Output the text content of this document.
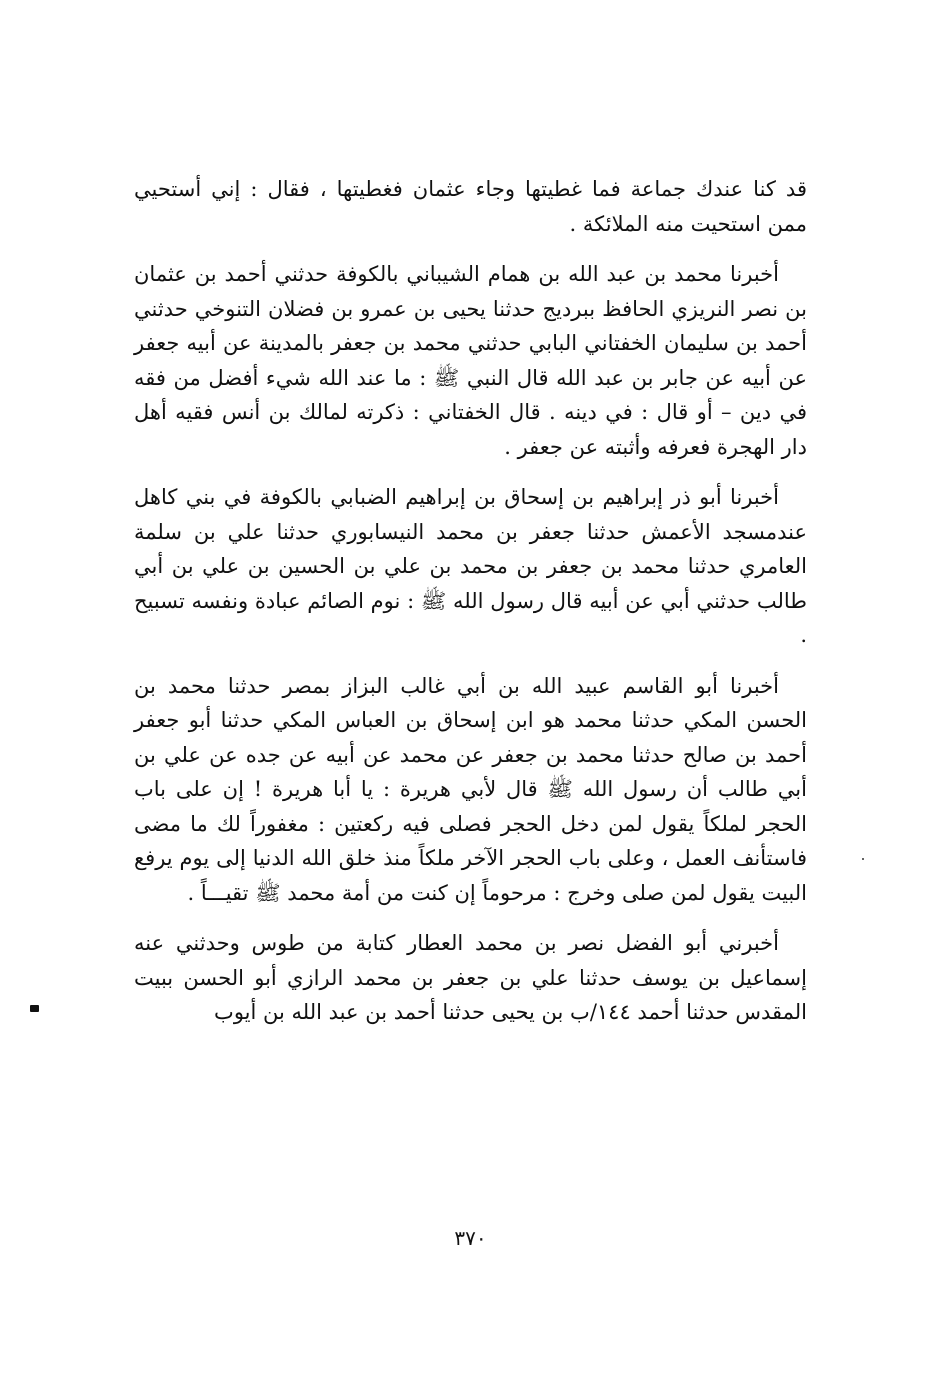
قد كنا عندك جماعة فما غطيتها وجاء عثمان فغطيتها ، فقال : إني أستحيي ممن استحيت منه الملائكة .

أخبرنا محمد بن عبد الله بن همام الشيباني بالكوفة حدثني أحمد بن عثمان بن نصر النريزي الحافظ ببرديج حدثنا يحيى بن عمرو بن فضلان التنوخي حدثني أحمد بن سليمان الخفتاني البابي حدثني محمد بن جعفر بالمدينة عن أبيه جعفر عن أبيه عن جابر بن عبد الله قال النبي ﷺ : ما عند الله شيء أفضل من فقه في دين – أو قال : في دينه . قال الخفتاني : ذكرته لمالك بن أنس فقيه أهل دار الهجرة فعرفه وأثبته عن جعفر .

أخبرنا أبو ذر إبراهيم بن إسحاق بن إبراهيم الضبابي بالكوفة في بني كاهل عندمسجد الأعمش حدثنا جعفر بن محمد النيسابوري حدثنا علي بن سلمة العامري حدثنا محمد بن جعفر بن محمد بن علي بن الحسين بن علي بن أبي طالب حدثني أبي عن أبيه قال رسول الله ﷺ : نوم الصائم عبادة ونفسه تسبيح .

أخبرنا أبو القاسم عبيد الله بن أبي غالب البزاز بمصر حدثنا محمد بن الحسن المكي حدثنا محمد هو ابن إسحاق بن العباس المكي حدثنا أبو جعفر أحمد بن صالح حدثنا محمد بن جعفر عن محمد عن أبيه عن جده عن علي بن أبي طالب أن رسول الله ﷺ قال لأبي هريرة : يا أبا هريرة ! إن على باب الحجر لملكاً يقول لمن دخل الحجر فصلى فيه ركعتين : مغفوراً لك ما مضى فاستأنف العمل ، وعلى باب الحجر الآخر ملكاً منذ خلق الله الدنيا إلى يوم يرفع البيت يقول لمن صلى وخرج : مرحوماً إن كنت من أمة محمد ﷺ تقيـــاً .

أخبرني أبو الفضل نصر بن محمد العطار كتابة من طوس وحدثني عنه إسماعيل بن يوسف حدثنا علي بن جعفر بن محمد الرازي أبو الحسن ببيت المقدس حدثنا أحمد ١٤٤/ب بن يحيى حدثنا أحمد بن عبد الله بن أيوب

٣٧٠
